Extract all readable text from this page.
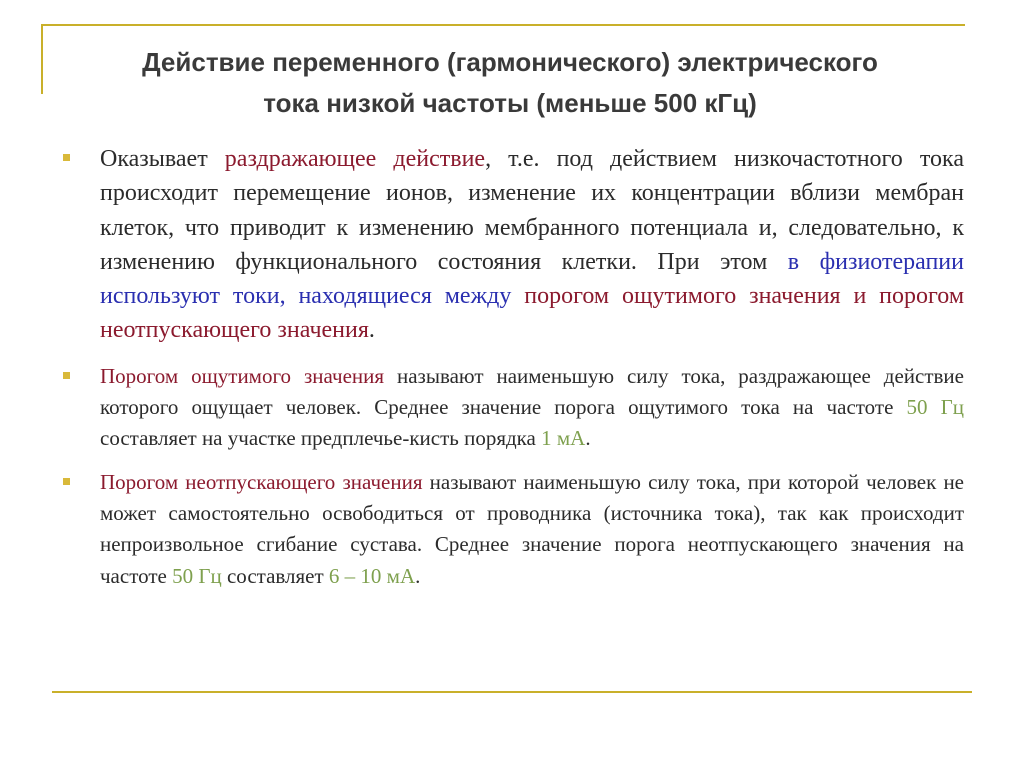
Действие переменного (гармонического) электрического
тока низкой частоты (меньше 500 кГц)
Оказывает раздражающее действие, т.е. под действием низкочастотного тока происходит перемещение ионов, изменение их концентрации вблизи мембран клеток, что приводит к изменению мембранного потенциала и, следовательно, к изменению функционального состояния клетки. При этом в физиотерапии используют токи, находящиеся между порогом ощутимого значения и порогом неотпускающего значения.
Порогом ощутимого значения называют наименьшую силу тока, раздражающее действие которого ощущает человек. Среднее значение порога ощутимого тока на частоте 50 Гц составляет на участке предплечье-кисть порядка 1 мА.
Порогом неотпускающего значения называют наименьшую силу тока, при которой человек не может самостоятельно освободиться от проводника (источника тока), так как происходит непроизвольное сгибание сустава. Среднее значение порога неотпускающего значения на частоте 50 Гц составляет 6 – 10 мА.
